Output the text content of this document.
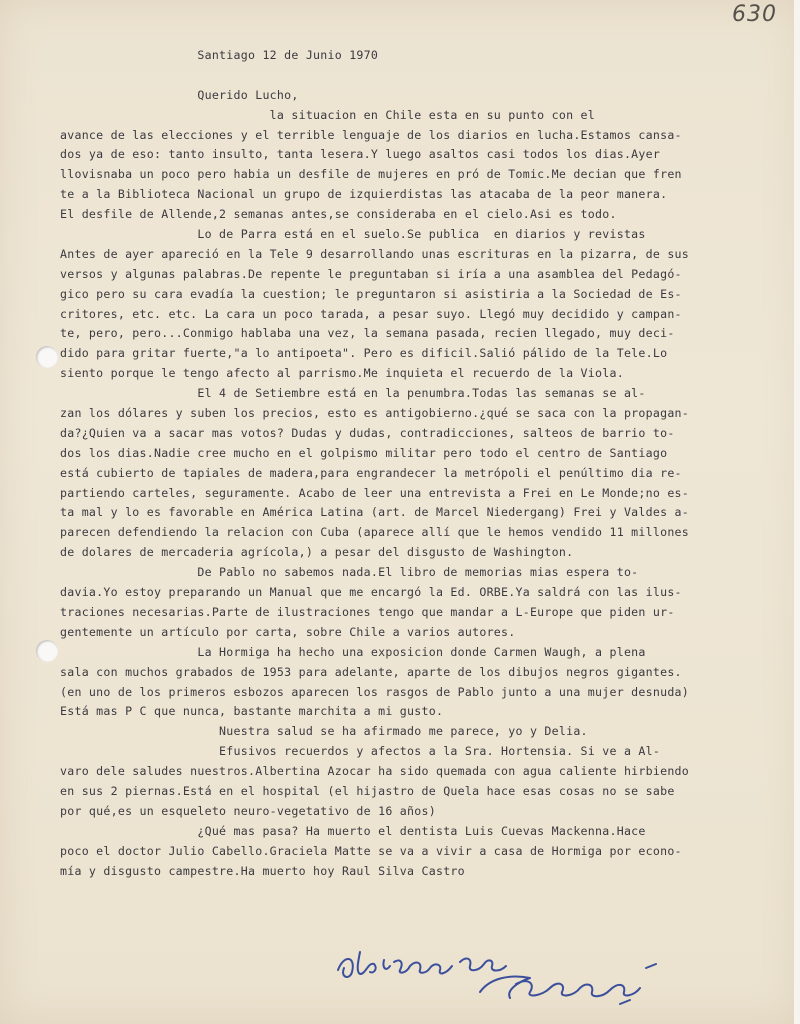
630
Santiago 12 de Junio 1970
Querido Lucho,
la situacion en Chile esta en su punto con el
avance de las elecciones y el terrible lenguaje de los diarios en lucha.Estamos cansa-
dos ya de eso: tanto insulto, tanta lesera.Y luego asaltos casi todos los dias.Ayer
llovisnaba un poco pero habia un desfile de mujeres en pró de Tomic.Me decian que fren
te a la Biblioteca Nacional un grupo de izquierdistas las atacaba de la peor manera.
El desfile de Allende,2 semanas antes,se consideraba en el cielo.Asi es todo.
Lo de Parra está en el suelo.Se publica  en diarios y revistas
Antes de ayer apareció en la Tele 9 desarrollando unas escrituras en la pizarra, de sus
versos y algunas palabras.De repente le preguntaban si iría a una asamblea del Pedagó-
gico pero su cara evadía la cuestion; le preguntaron si asistiria a la Sociedad de Es-
critores, etc. etc. La cara un poco tarada, a pesar suyo. Llegó muy decidido y campan-
te, pero, pero...Conmigo hablaba una vez, la semana pasada, recien llegado, muy deci-
dido para gritar fuerte,"a lo antipoeta". Pero es dificil.Salió pálido de la Tele.Lo
siento porque le tengo afecto al parrismo.Me inquieta el recuerdo de la Viola.
El 4 de Setiembre está en la penumbra.Todas las semanas se al-
zan los dólares y suben los precios, esto es antigobierno.¿qué se saca con la propagan-
da?¿Quien va a sacar mas votos? Dudas y dudas, contradicciones, salteos de barrio to-
dos los dias.Nadie cree mucho en el golpismo militar pero todo el centro de Santiago
está cubierto de tapiales de madera,para engrandecer la metrópoli el penúltimo dia re-
partiendo carteles, seguramente. Acabo de leer una entrevista a Frei en Le Monde;no es-
ta mal y lo es favorable en América Latina (art. de Marcel Niedergang) Frei y Valdes a-
parecen defendiendo la relacion con Cuba (aparece allí que le hemos vendido 11 millones
de dolares de mercaderia agrícola,) a pesar del disgusto de Washington.
De Pablo no sabemos nada.El libro de memorias mias espera to-
davia.Yo estoy preparando un Manual que me encargó la Ed. ORBE.Ya saldrá con las ilus-
traciones necesarias.Parte de ilustraciones tengo que mandar a L-Europe que piden ur-
gentemente un artículo por carta, sobre Chile a varios autores.
La Hormiga ha hecho una exposicion donde Carmen Waugh, a plena
sala con muchos grabados de 1953 para adelante, aparte de los dibujos negros gigantes.
(en uno de los primeros esbozos aparecen los rasgos de Pablo junto a una mujer desnuda)
Está mas P C que nunca, bastante marchita a mi gusto.
Nuestra salud se ha afirmado me parece, yo y Delia.
Efusivos recuerdos y afectos a la Sra. Hortensia. Si ve a Al-
varo dele saludes nuestros.Albertina Azocar ha sido quemada con agua caliente hirbiendo
en sus 2 piernas.Está en el hospital (el hijastro de Quela hace esas cosas no se sabe
por qué,es un esqueleto neuro-vegetativo de 16 años)
¿Qué mas pasa? Ha muerto el dentista Luis Cuevas Mackenna.Hace
poco el doctor Julio Cabello.Graciela Matte se va a vivir a casa de Hormiga por econo-
mía y disgusto campestre.Ha muerto hoy Raul Silva Castro
